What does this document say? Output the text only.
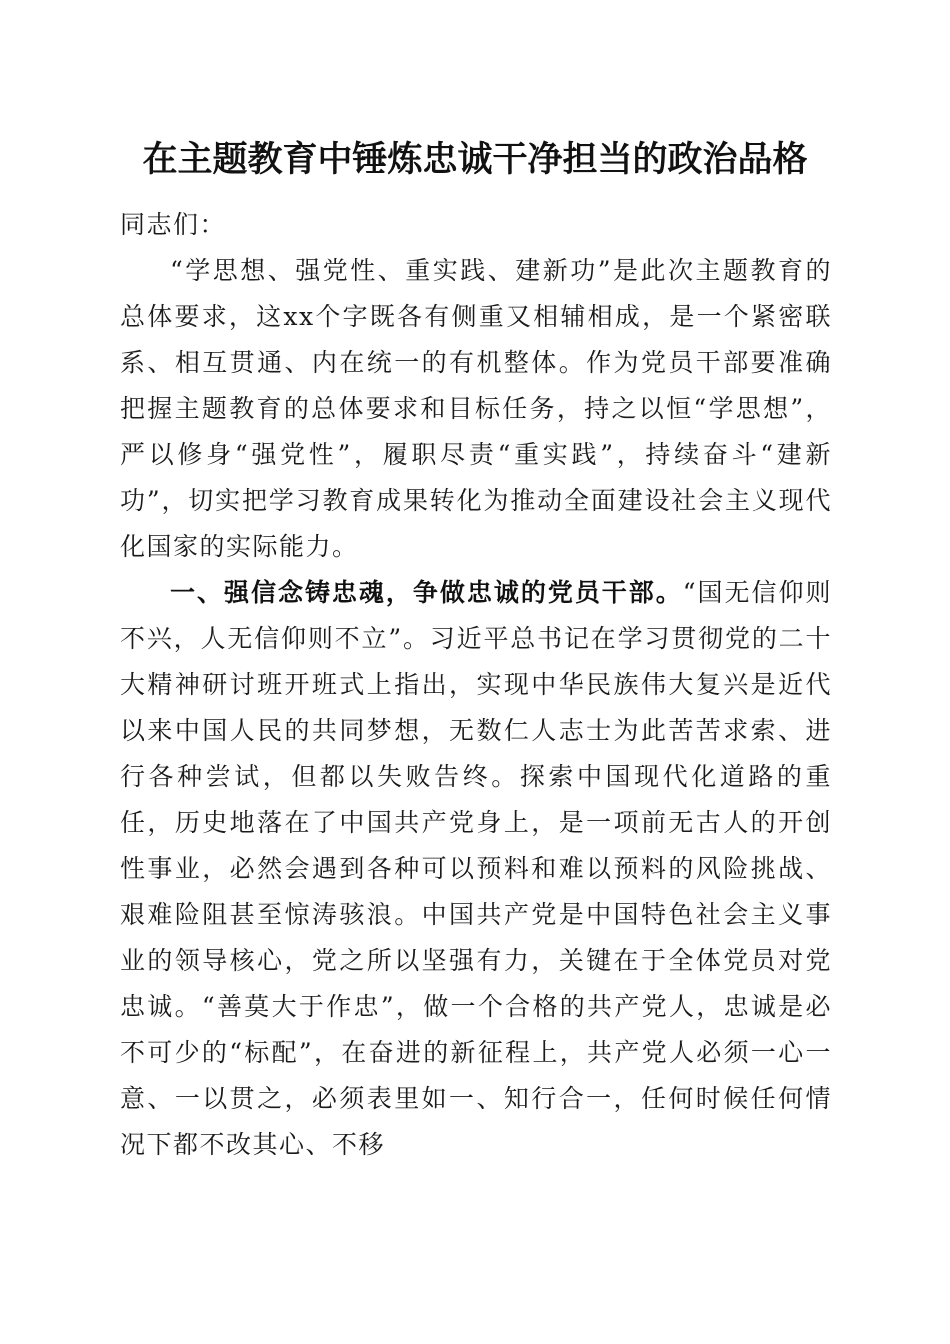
在主题教育中锤炼忠诚干净担当的政治品格

同志们：

“学思想、强党性、重实践、建新功”是此次主题教育的总体要求，这xx个字既各有侧重又相辅相成，是一个紧密联系、相互贯通、内在统一的有机整体。作为党员干部要准确把握主题教育的总体要求和目标任务，持之以恒“学思想”，严以修身“强党性”，履职尽责“重实践”，持续奋斗“建新功”，切实把学习教育成果转化为推动全面建设社会主义现代化国家的实际能力。

一、强信念铸忠魂，争做忠诚的党员干部。“国无信仰则不兴，人无信仰则不立”。习近平总书记在学习贯彻党的二十大精神研讨班开班式上指出，实现中华民族伟大复兴是近代以来中国人民的共同梦想，无数仁人志士为此苦苦求索、进行各种尝试，但都以失败告终。探索中国现代化道路的重任，历史地落在了中国共产党身上，是一项前无古人的开创性事业，必然会遇到各种可以预料和难以预料的风险挑战、艰难险阻甚至惊涛骇浪。中国共产党是中国特色社会主义事业的领导核心，党之所以坚强有力，关键在于全体党员对党忠诚。“善莫大于作忠”，做一个合格的共产党人，忠诚是必不可少的“标配”，在奋进的新征程上，共产党人必须一心一意、一以贯之，必须表里如一、知行合一，任何时候任何情况下都不改其心、不移
